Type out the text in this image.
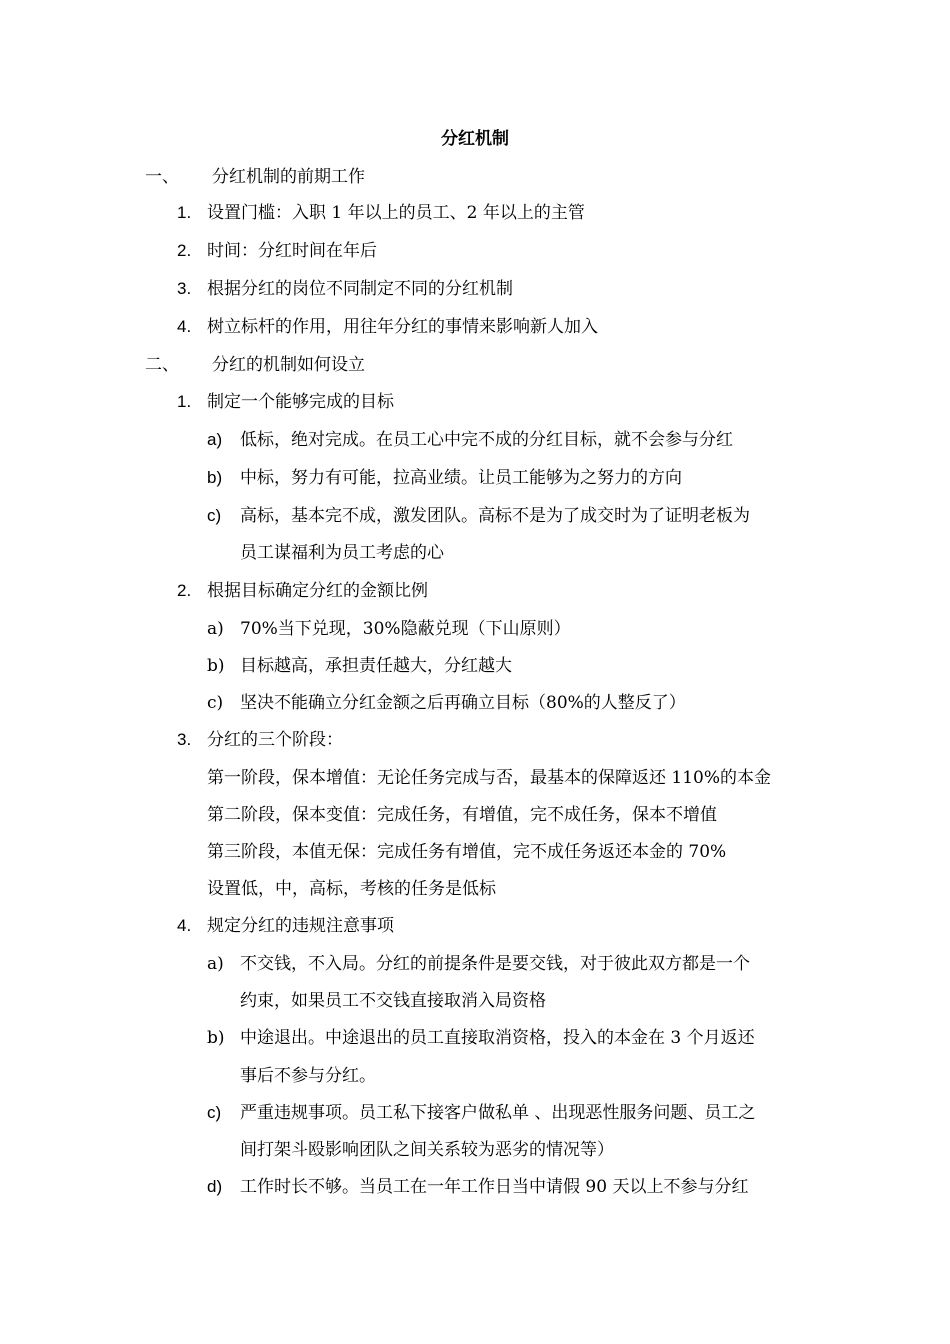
分红机制
一、 分红机制的前期工作
1. 设置门槛：入职 1 年以上的员工、2 年以上的主管
2. 时间：分红时间在年后
3. 根据分红的岗位不同制定不同的分红机制
4. 树立标杆的作用，用往年分红的事情来影响新人加入
二、 分红的机制如何设立
1. 制定一个能够完成的目标
a) 低标，绝对完成。在员工心中完不成的分红目标，就不会参与分红
b) 中标，努力有可能，拉高业绩。让员工能够为之努力的方向
c) 高标，基本完不成，激发团队。高标不是为了成交时为了证明老板为
员工谋福利为员工考虑的心
2. 根据目标确定分红的金额比例
a) 70%当下兑现，30%隐蔽兑现（下山原则）
b) 目标越高，承担责任越大，分红越大
c) 坚决不能确立分红金额之后再确立目标（80%的人整反了）
3. 分红的三个阶段：
第一阶段，保本增值：无论任务完成与否，最基本的保障返还 110%的本金
第二阶段，保本变值：完成任务，有增值，完不成任务，保本不增值
第三阶段，本值无保：完成任务有增值，完不成任务返还本金的 70%
设置低，中，高标，考核的任务是低标
4. 规定分红的违规注意事项
a) 不交钱，不入局。分红的前提条件是要交钱，对于彼此双方都是一个
约束，如果员工不交钱直接取消入局资格
b) 中途退出。中途退出的员工直接取消资格，投入的本金在 3 个月返还
事后不参与分红。
c) 严重违规事项。员工私下接客户做私单 、出现恶性服务问题、员工之
间打架斗殴影响团队之间关系较为恶劣的情况等）
d) 工作时长不够。当员工在一年工作日当中请假 90 天以上不参与分红
